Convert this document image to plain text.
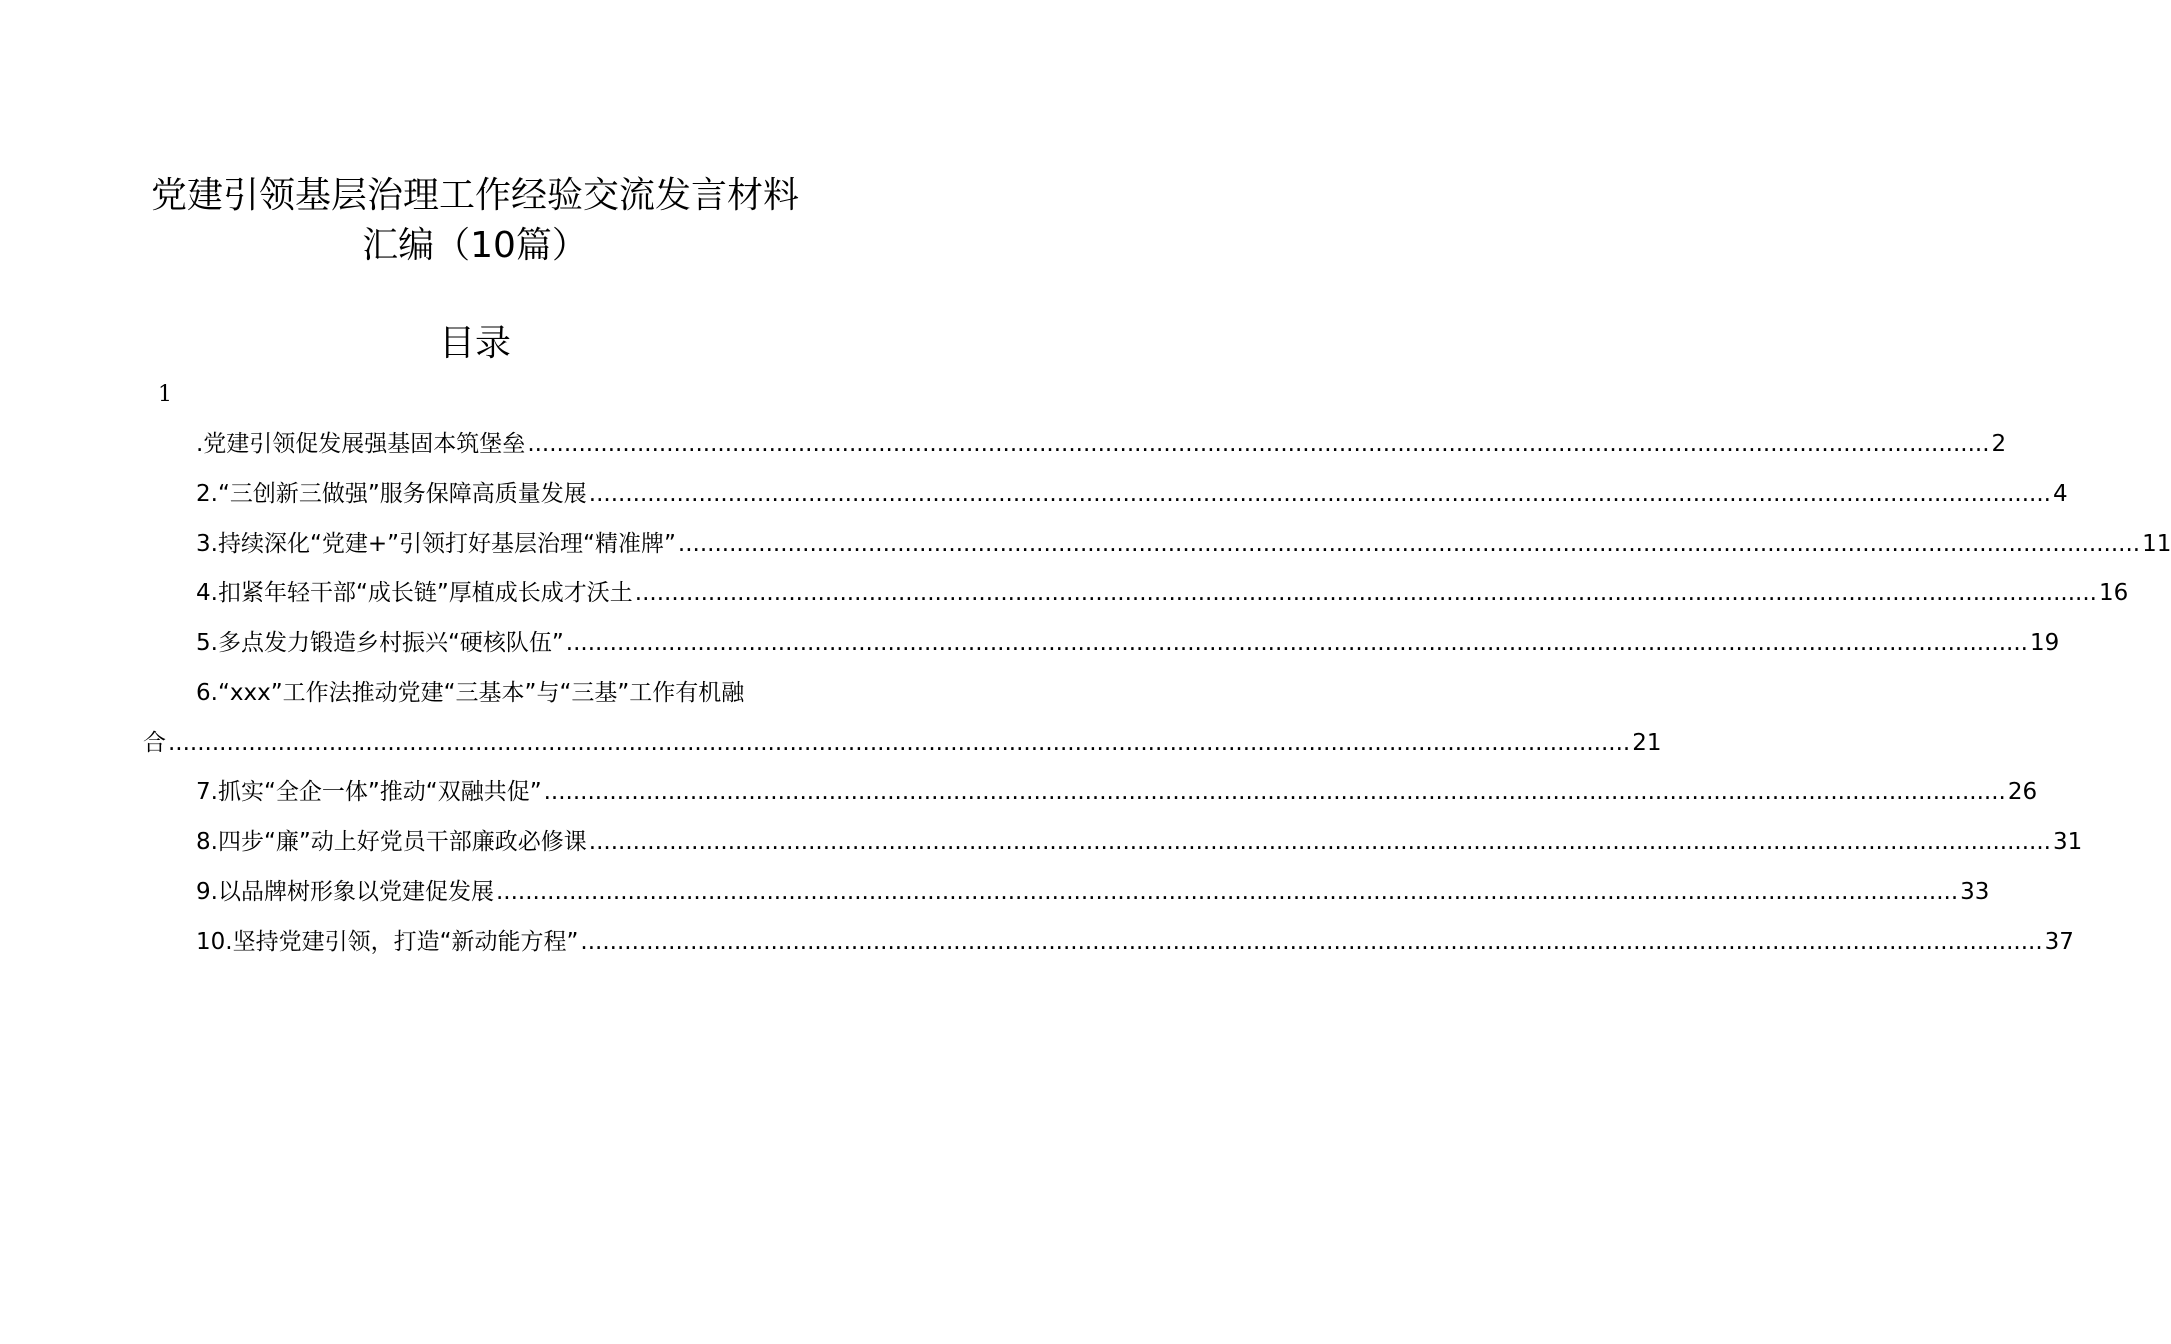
党建引领基层治理工作经验交流发言材料
汇编（10篇）
目录
1
.党建引领促发展强基固本筑堡垒 ........................................................................................................................................................................................................ 2
2.“三创新三做强”服务保障高质量发展 ........................................................................................................................................................................................................ 4
3.持续深化“党建+”引领打好基层治理“精准牌” ........................................................................................................................................................................................................ 11
4.扣紧年轻干部“成长链”厚植成长成才沃土 ........................................................................................................................................................................................................ 16
5.多点发力锻造乡村振兴“硬核队伍” ........................................................................................................................................................................................................ 19
6.“xxx”工作法推动党建“三基本”与“三基”工作有机融
合 ........................................................................................................................................................................................................ 21
7.抓实“全企一体”推动“双融共促” ........................................................................................................................................................................................................ 26
8.四步“廉”动上好党员干部廉政必修课 ........................................................................................................................................................................................................ 31
9.以品牌树形象以党建促发展 ........................................................................................................................................................................................................ 33
10.坚持党建引领，打造“新动能方程” ........................................................................................................................................................................................................ 37
